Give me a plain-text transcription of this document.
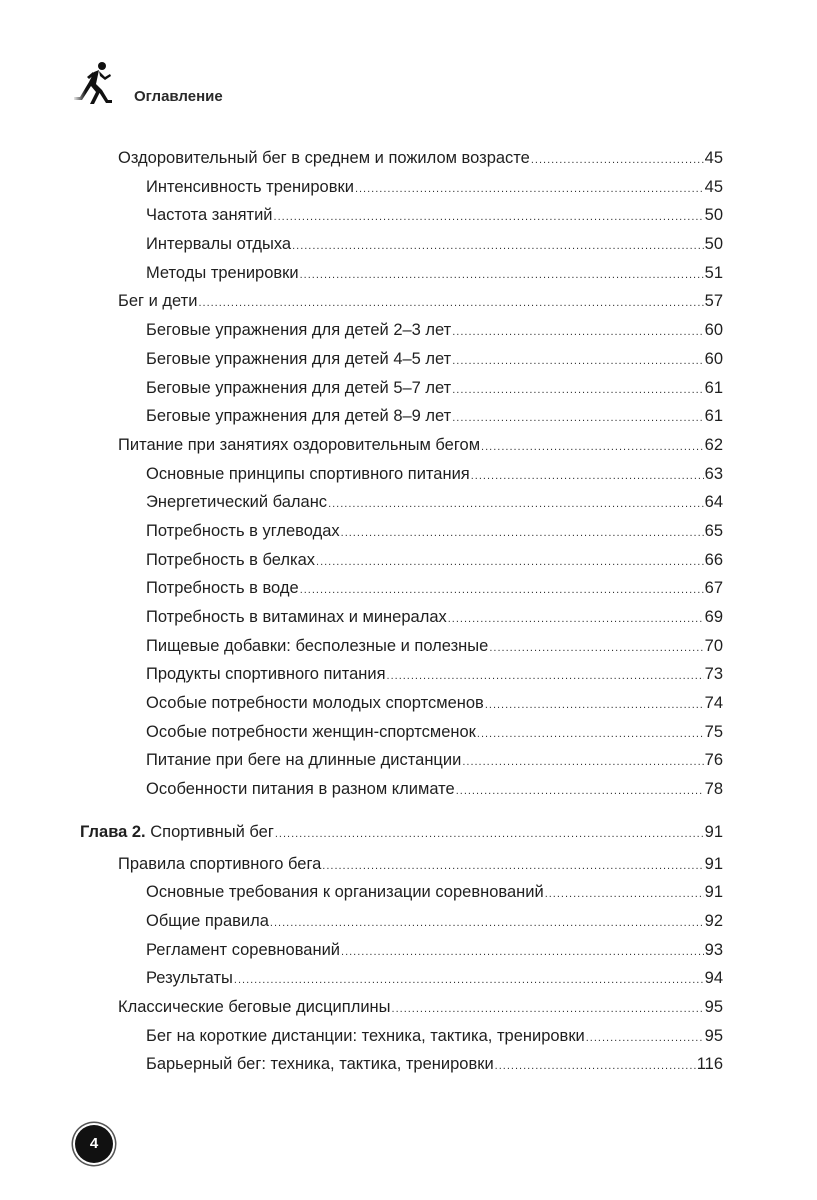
Оглавление
Оздоровительный бег в среднем и пожилом возрасте .....	45
Интенсивность тренировки .....	45
Частота занятий .....	50
Интервалы отдыха .....	50
Методы тренировки .....	51
Бег и дети .....	57
Беговые упражнения для детей 2–3 лет .....	60
Беговые упражнения для детей 4–5 лет .....	60
Беговые упражнения для детей 5–7 лет .....	61
Беговые упражнения для детей 8–9 лет .....	61
Питание при занятиях оздоровительным бегом .....	62
Основные принципы спортивного питания .....	63
Энергетический баланс .....	64
Потребность в углеводах .....	65
Потребность в белках .....	66
Потребность в воде .....	67
Потребность в витаминах и минералах .....	69
Пищевые добавки: бесполезные и полезные .....	70
Продукты спортивного питания .....	73
Особые потребности молодых спортсменов .....	74
Особые потребности женщин-спортсменок .....	75
Питание при беге на длинные дистанции .....	76
Особенности питания в разном климате .....	78
Глава 2. Спортивный бег .....	91
Правила спортивного бега .....	91
Основные требования к организации соревнований .....	91
Общие правила .....	92
Регламент соревнований .....	93
Результаты .....	94
Классические беговые дисциплины .....	95
Бег на короткие дистанции: техника, тактика, тренировки .....	95
Барьерный бег: техника, тактика, тренировки .....	116
4
